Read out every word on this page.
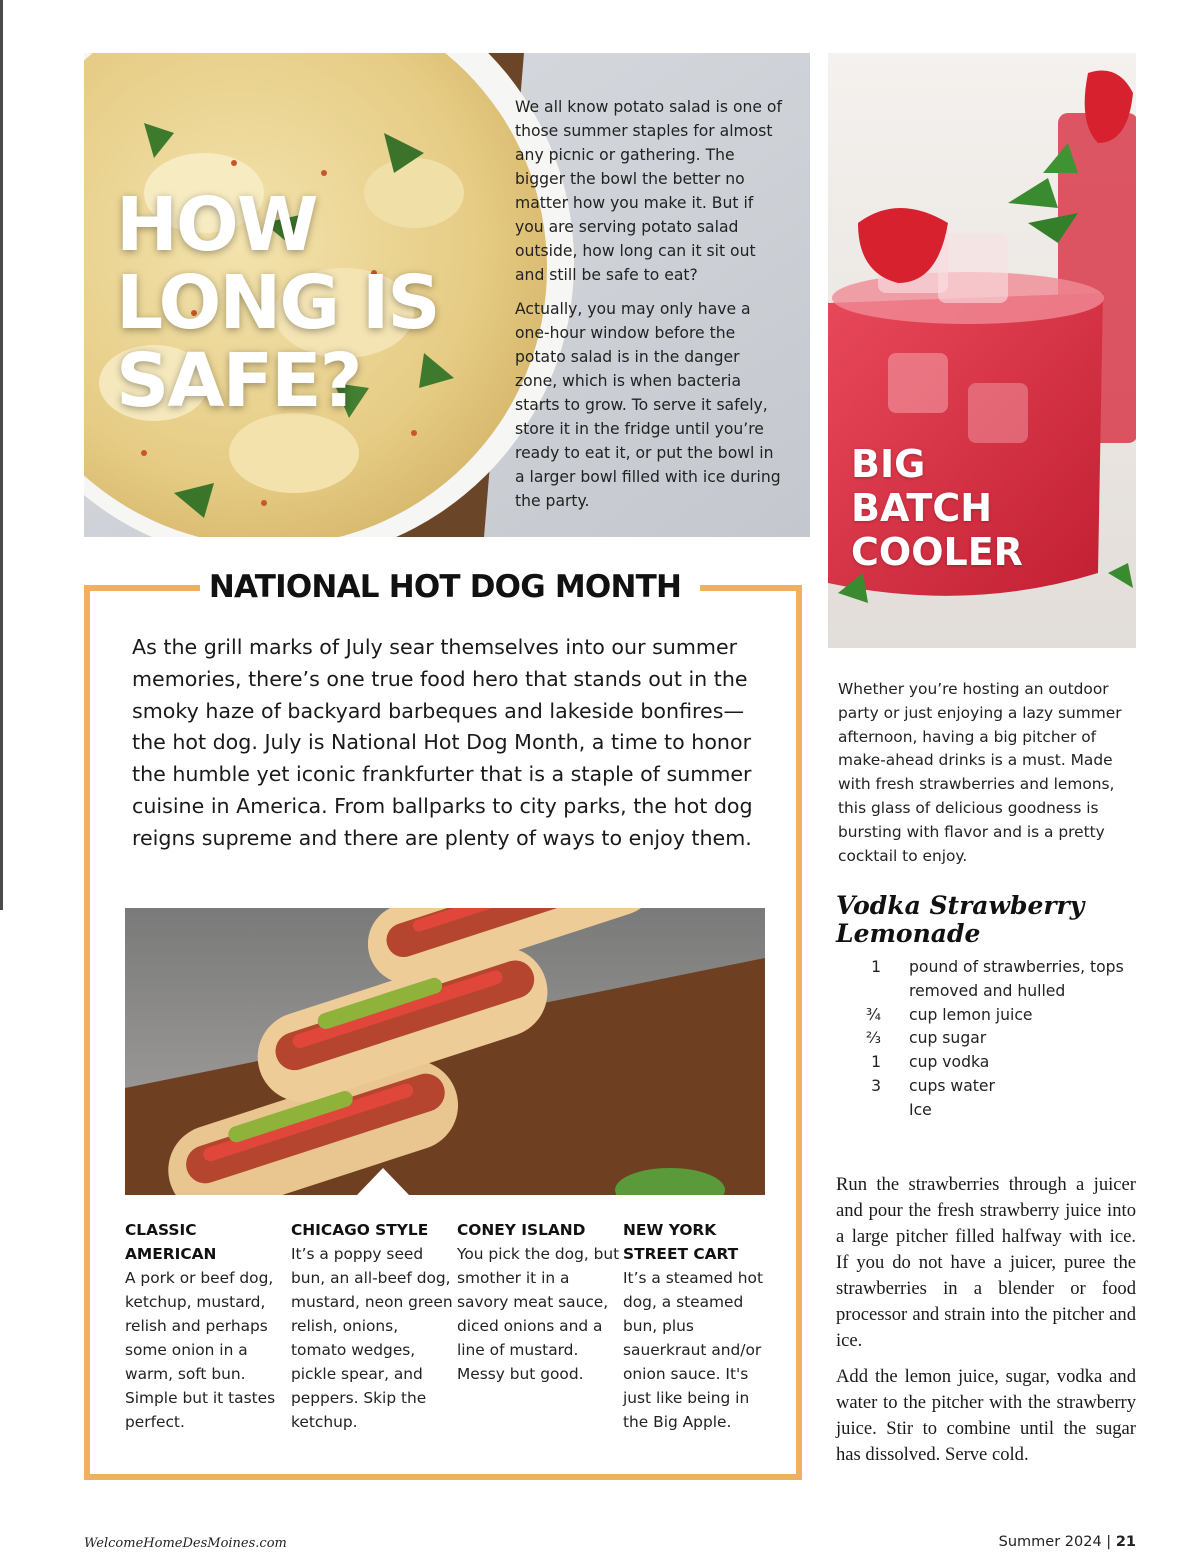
HOW
LONG IS
SAFE?

We all know potato salad is one of those summer staples for almost any picnic or gathering. The bigger the bowl the better no matter how you make it. But if you are serving potato salad outside, how long can it sit out and still be safe to eat?

Actually, you may only have a one-hour window before the potato salad is in the danger zone, which is when bacteria starts to grow. To serve it safely, store it in the fridge until you’re ready to eat it, or put the bowl in a larger bowl filled with ice during the party.

BIG
BATCH
COOLER

Whether you’re hosting an outdoor party or just enjoying a lazy summer afternoon, having a big pitcher of make-ahead drinks is a must. Made with fresh strawberries and lemons, this glass of delicious goodness is bursting with flavor and is a pretty cocktail to enjoy.

Vodka Strawberry Lemonade
1	pound of strawberries, tops removed and hulled
¾	cup lemon juice
⅔	cup sugar
1	cup vodka
3	cups water
Ice

Run the strawberries through a juicer and pour the fresh strawberry juice into a large pitcher filled halfway with ice. If you do not have a juicer, puree the strawberries in a blender or food processor and strain into the pitcher and ice.

Add the lemon juice, sugar, vodka and water to the pitcher with the strawberry juice. Stir to combine until the sugar has dissolved. Serve cold.

NATIONAL HOT DOG MONTH

As the grill marks of July sear themselves into our summer memories, there’s one true food hero that stands out in the smoky haze of backyard barbeques and lakeside bonfires—the hot dog. July is National Hot Dog Month, a time to honor the humble yet iconic frankfurter that is a staple of summer cuisine in America. From ballparks to city parks, the hot dog reigns supreme and there are plenty of ways to enjoy them.

CLASSIC AMERICAN

A pork or beef dog, ketchup, mustard, relish and perhaps some onion in a warm, soft bun. Simple but it tastes perfect.

CHICAGO STYLE

It’s a poppy seed bun, an all-beef dog, mustard, neon green relish, onions, tomato wedges, pickle spear, and peppers. Skip the ketchup.

CONEY ISLAND

You pick the dog, but smother it in a savory meat sauce, diced onions and a line of mustard. Messy but good.

NEW YORK STREET CART

It’s a steamed hot dog, a steamed bun, plus sauerkraut and/or onion sauce. It's just like being in the Big Apple.

WelcomeHomeDesMoines.com	Summer 2024 | 21
